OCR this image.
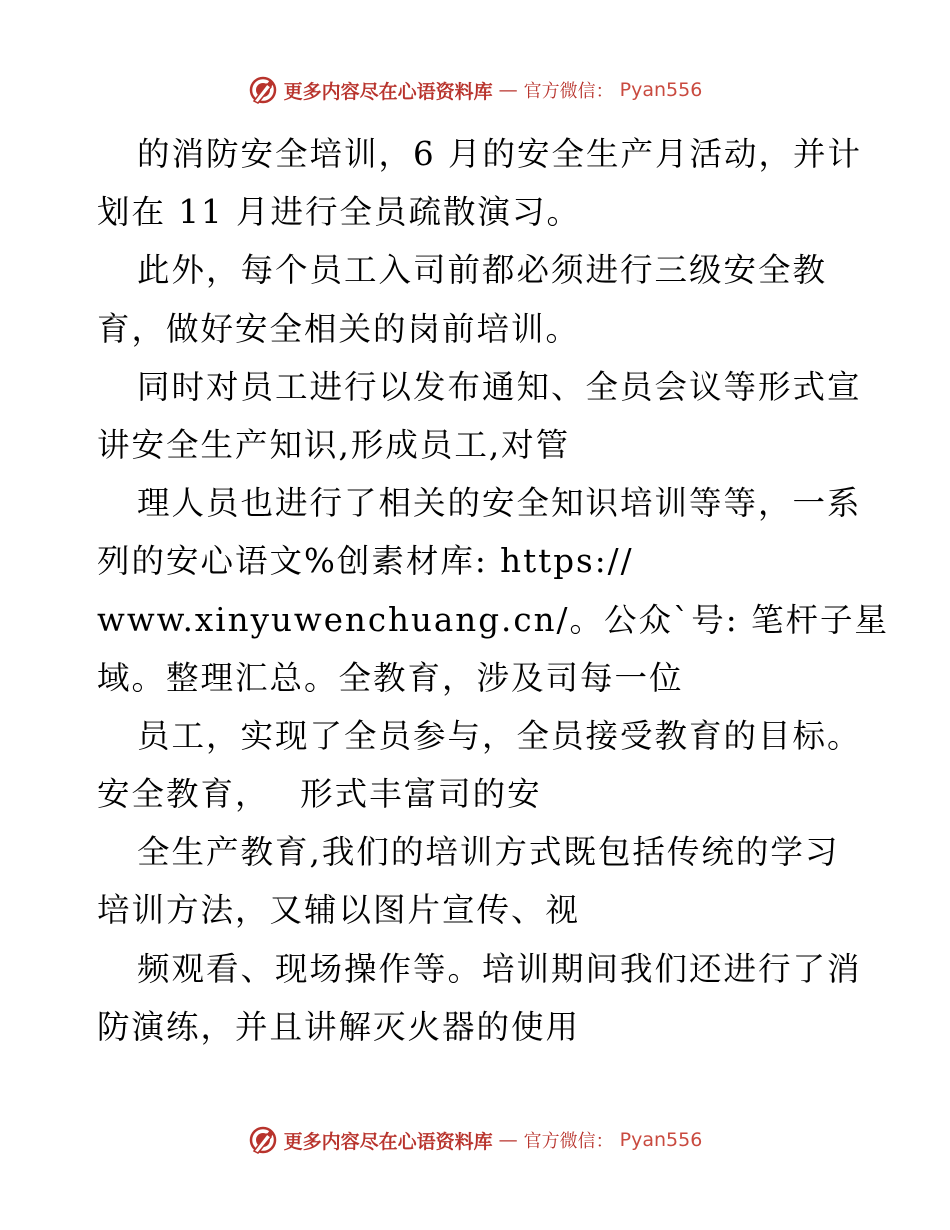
更多内容尽在心语资料库 — 官方微信： Pyan556
的消防安全培训，6 月的安全生产月活动，并计
划在 11 月进行全员疏散演习。
此外，每个员工入司前都必须进行三级安全教
育，做好安全相关的岗前培训。
同时对员工进行以发布通知、全员会议等形式宣
讲安全生产知识,形成员工,对管
理人员也进行了相关的安全知识培训等等，一系
列的安心语文%创素材库: https://
www.xinyuwenchuang.cn/。公众`号: 笔杆子星
域。整理汇总。全教育，涉及司每一位
员工，实现了全员参与，全员接受教育的目标。
安全教育，　 形式丰富司的安
全生产教育,我们的培训方式既包括传统的学习
培训方法，又辅以图片宣传、视
频观看、现场操作等。培训期间我们还进行了消
防演练，并且讲解灭火器的使用
更多内容尽在心语资料库 — 官方微信： Pyan556
